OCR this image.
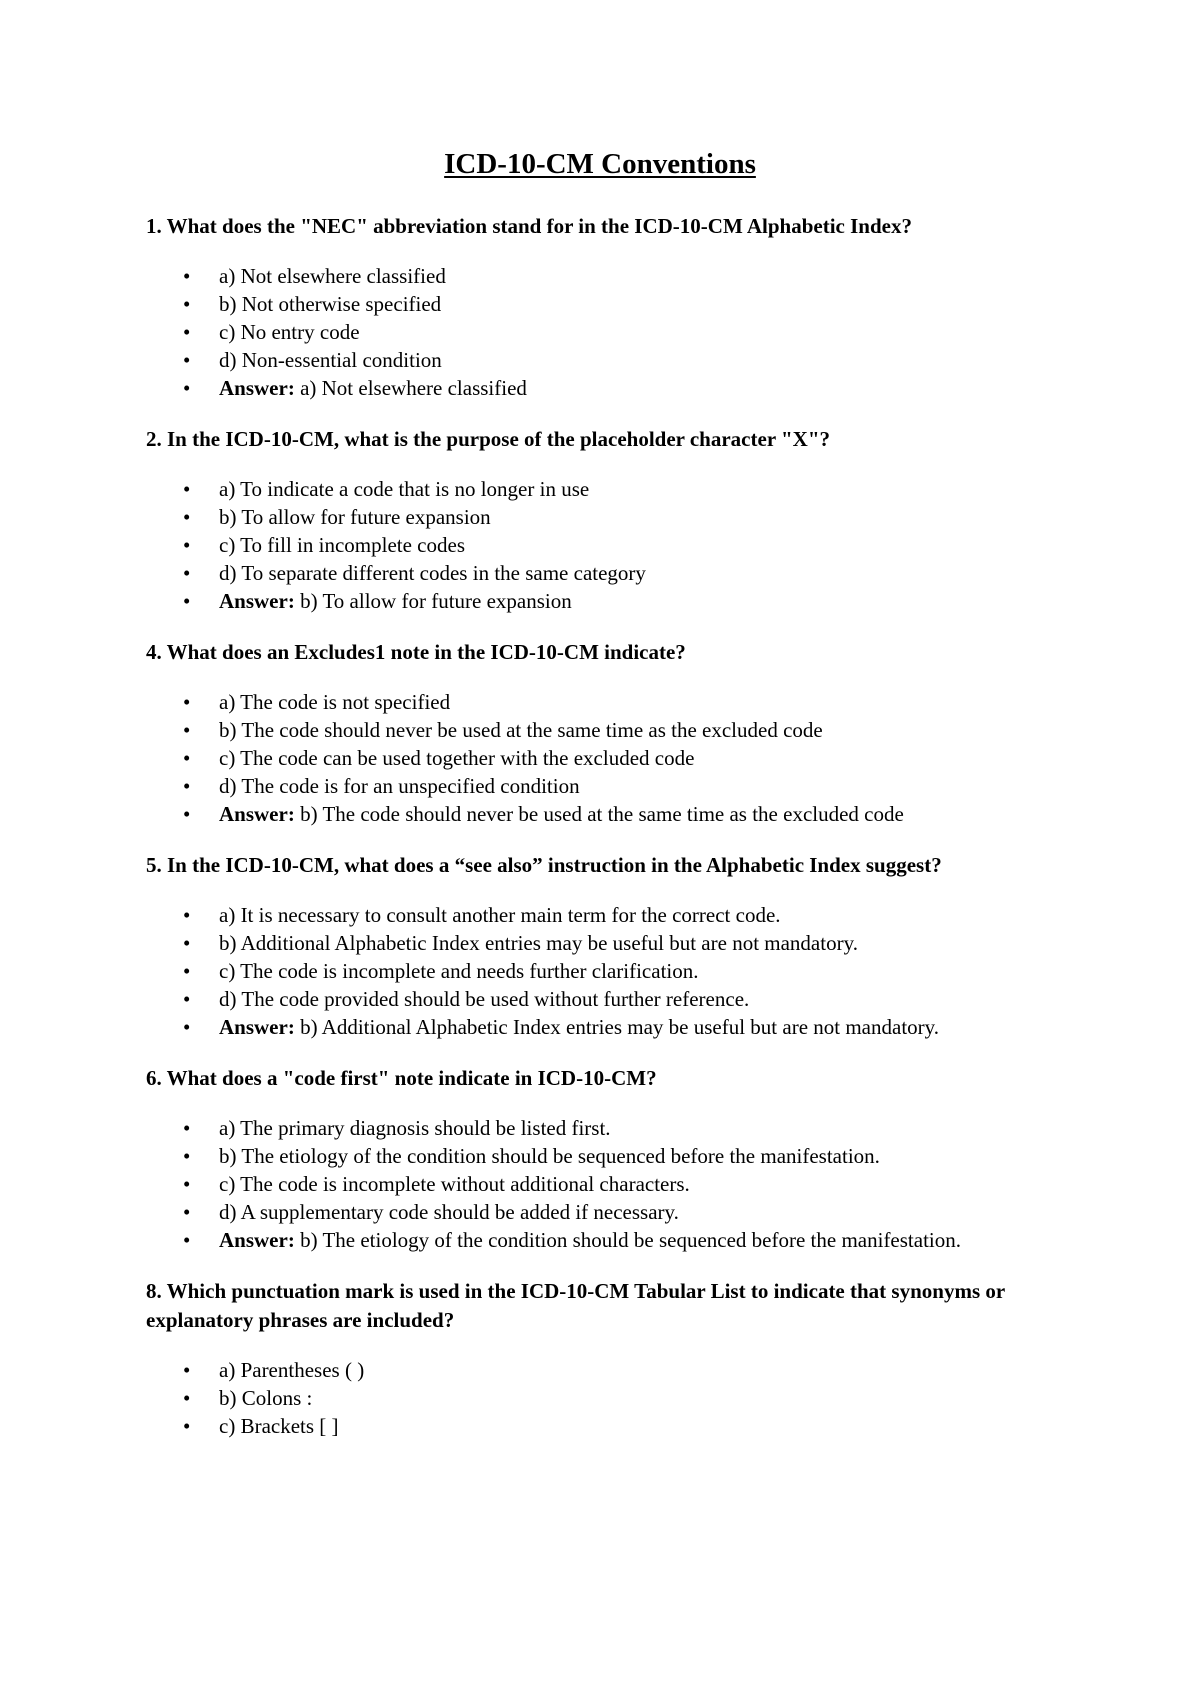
ICD-10-CM Conventions

1. What does the "NEC" abbreviation stand for in the ICD-10-CM Alphabetic Index?

• a) Not elsewhere classified
• b) Not otherwise specified
• c) No entry code
• d) Non-essential condition
• Answer: a) Not elsewhere classified

2. In the ICD-10-CM, what is the purpose of the placeholder character "X"?

• a) To indicate a code that is no longer in use
• b) To allow for future expansion
• c) To fill in incomplete codes
• d) To separate different codes in the same category
• Answer: b) To allow for future expansion

4. What does an Excludes1 note in the ICD-10-CM indicate?

• a) The code is not specified
• b) The code should never be used at the same time as the excluded code
• c) The code can be used together with the excluded code
• d) The code is for an unspecified condition
• Answer: b) The code should never be used at the same time as the excluded code

5. In the ICD-10-CM, what does a “see also” instruction in the Alphabetic Index suggest?

• a) It is necessary to consult another main term for the correct code.
• b) Additional Alphabetic Index entries may be useful but are not mandatory.
• c) The code is incomplete and needs further clarification.
• d) The code provided should be used without further reference.
• Answer: b) Additional Alphabetic Index entries may be useful but are not mandatory.

6. What does a "code first" note indicate in ICD-10-CM?

• a) The primary diagnosis should be listed first.
• b) The etiology of the condition should be sequenced before the manifestation.
• c) The code is incomplete without additional characters.
• d) A supplementary code should be added if necessary.
• Answer: b) The etiology of the condition should be sequenced before the manifestation.

8. Which punctuation mark is used in the ICD-10-CM Tabular List to indicate that synonyms or explanatory phrases are included?

• a) Parentheses ( )
• b) Colons :
• c) Brackets [ ]
